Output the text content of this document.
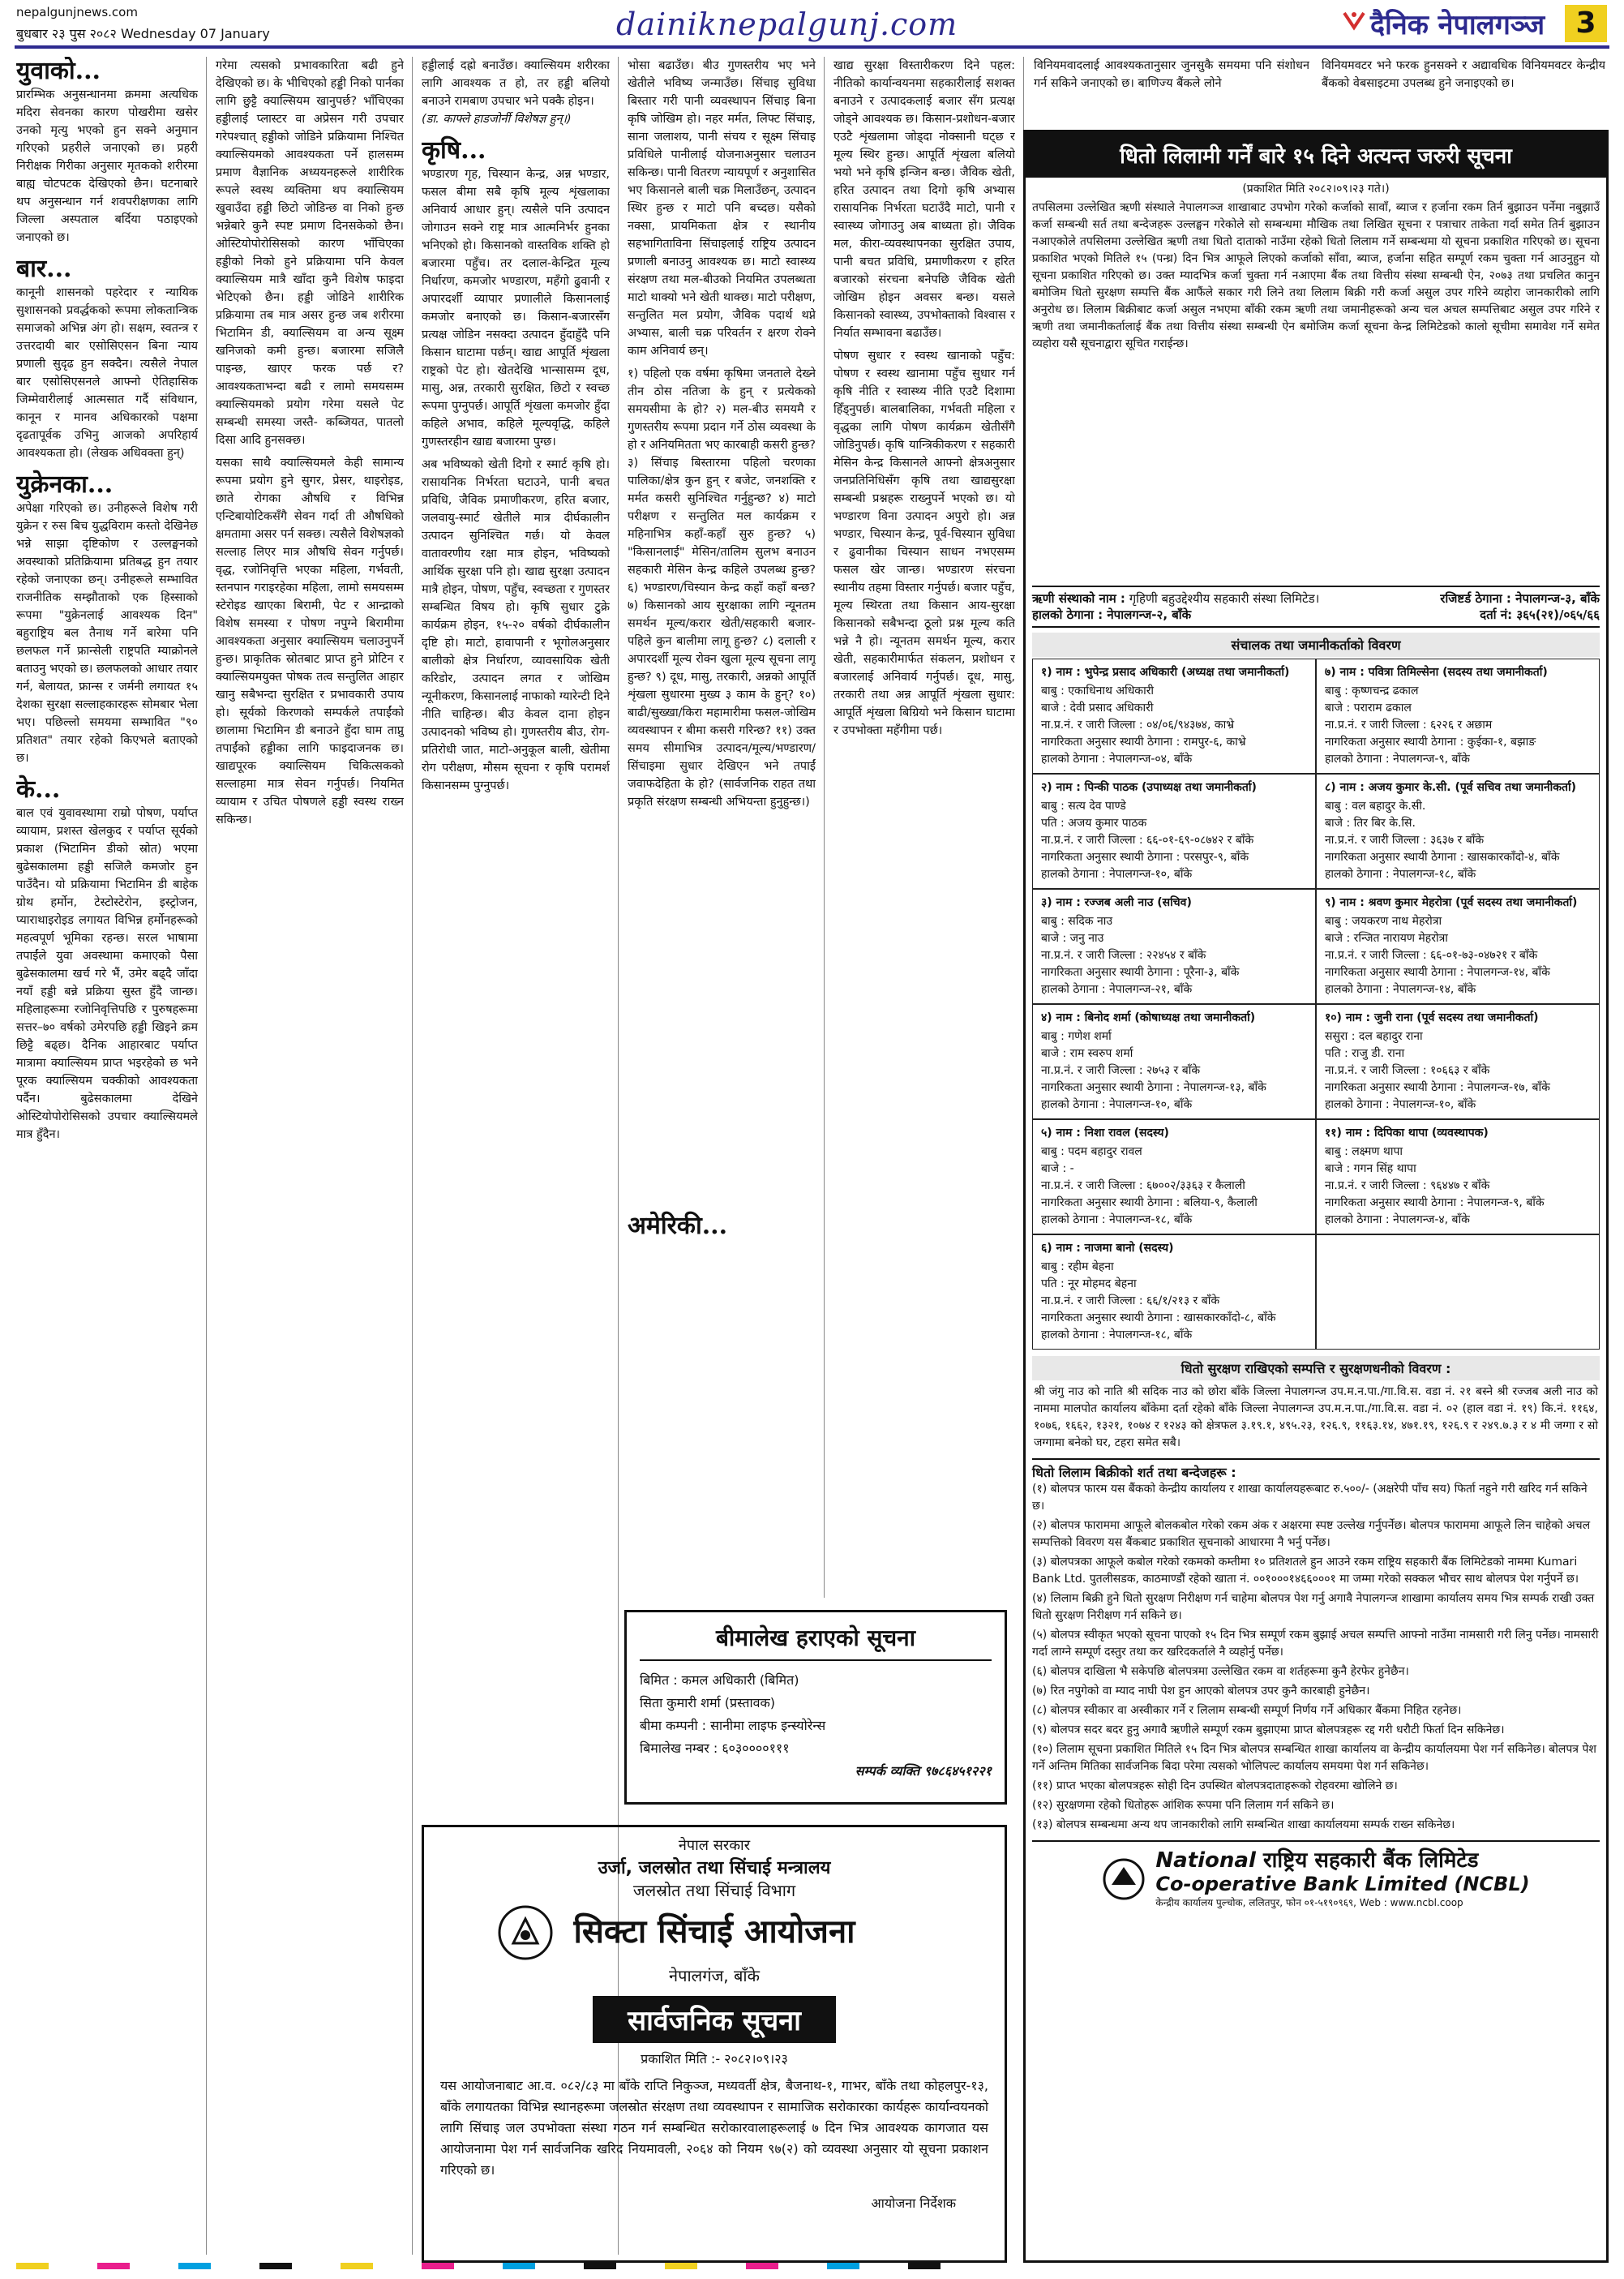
nepalgunjnews.com
बुधबार २३ पुस २०८२ Wednesday 07 January	dainiknepalgunj.com	दैनिक नेपालगञ्ज	3
युवाको...
प्रारम्भिक अनुसन्धानमा क्रममा अत्यधिक मदिरा सेवनका कारण पोखरीमा खसेर उनको मृत्यु भएको हुन सक्ने अनुमान गरिएको प्रहरीले जनाएको छ। प्रहरी निरीक्षक गिरीका अनुसार मृतकको शरीरमा बाह्य चोटपटक देखिएको छैन। घटनाबारे थप अनुसन्धान गर्न शवपरीक्षणका लागि जिल्ला अस्पताल बर्दिया पठाइएको जनाएको छ।
बार...
कानूनी शासनको पहरेदार र न्यायिक सुशासनको प्रवर्द्धकको रूपमा लोकतान्त्रिक समाजको अभिन्न अंग हो। सक्षम, स्वतन्त्र र उत्तरदायी बार एसोसिएसन बिना न्याय प्रणाली सुदृढ हुन सक्दैन। त्यसैले नेपाल बार एसोसिएसनले आफ्नो ऐतिहासिक जिम्मेवारीलाई आत्मसात गर्दै संविधान, कानून र मानव अधिकारको पक्षमा दृढतापूर्वक उभिनु आजको अपरिहार्य आवश्यकता हो। (लेखक अधिवक्ता हुन्)
युक्रेनका...
अपेक्षा गरिएको छ। उनीहरूले विशेष गरी युक्रेन र रुस बिच युद्धविराम कस्तो देखिनेछ भन्ने साझा दृष्टिकोण र उल्लङ्घनको अवस्थाको प्रतिक्रियामा प्रतिबद्ध हुन तयार रहेको जनाएका छन्। उनीहरूले सम्भावित राजनीतिक सम्झौताको एक हिस्साको रूपमा "युक्रेनलाई आवश्यक दिन" बहुराष्ट्रिय बल तैनाथ गर्ने बारेमा पनि छलफल गर्ने फ्रान्सेली राष्ट्रपति म्याक्रोनले बताउनु भएको छ। छलफलको आधार तयार गर्न, बेलायत, फ्रान्स र जर्मनी लगायत १५ देशका सुरक्षा सल्लाहकारहरू सोमबार भेला भए। पछिल्लो समयमा सम्भावित "९० प्रतिशत" तयार रहेको किएभले बताएको छ।
के...
बाल एवं युवावस्थामा राम्रो पोषण, पर्याप्त व्यायाम, प्रशस्त खेलकुद र पर्याप्त सूर्यको प्रकाश (भिटामिन डीको स्रोत) भएमा बुढेसकालमा हड्डी सजिलै कमजोर हुन पाउँदैन। यो प्रक्रियामा भिटामिन डी बाहेक ग्रोथ हर्मोन, टेस्टोस्टेरोन, इस्ट्रोजन, प्याराथाइरोइड लगायत विभिन्न हर्मोनहरूको महत्वपूर्ण भूमिका रहन्छ। सरल भाषामा तपाईंले युवा अवस्थामा कमाएको पैसा बुढेसकालमा खर्च गरे भैं, उमेर बढ्दै जाँदा नयाँ हड्डी बन्ने प्रक्रिया सुस्त हुँदै जान्छ। महिलाहरूमा रजोनिवृत्तिपछि र पुरुषहरूमा सत्तर–७० वर्षको उमेरपछि हड्डी खिइने क्रम छिट्टै बढ्छ। दैनिक आहारबाट पर्याप्त मात्रामा क्याल्सियम प्राप्त भइरहेको छ भने पूरक क्याल्सियम चक्कीको आवश्यकता पर्दैन। बुढेसकालमा देखिने ओस्टियोपोरोसिसको उपचार क्याल्सियमले मात्र हुँदैन।
गरेमा त्यसको प्रभावकारिता बढी हुने देखिएको छ। के भीचिएको हड्डी निको पार्नका लागि छुट्टै क्याल्सियम खानुपर्छ? भाँचिएका हड्डीलाई प्लास्टर वा अप्रेसन गरी उपचार गरेपश्चात् हड्डीको जोडिने प्रक्रियामा निश्चित क्याल्सियमको आवश्यकता पर्ने हालसम्म प्रमाण वैज्ञानिक अध्ययनहरूले शारीरिक रूपले स्वस्थ व्यक्तिमा थप क्याल्सियम खुवाउँदा हड्डी छिटो जोडिन्छ वा निको हुन्छ भन्नेबारे कुनै स्पष्ट प्रमाण दिनसकेको छैन। ओस्टियोपोरोसिसको कारण भाँचिएका हड्डीको निको हुने प्रक्रियामा पनि केवल क्याल्सियम मात्रै खाँदा कुनै विशेष फाइदा भेटिएको छैन। हड्डी जोडिने शारीरिक प्रक्रियामा तब मात्र असर हुन्छ जब शरीरमा भिटामिन डी, क्याल्सियम वा अन्य सूक्ष्म खनिजको कमी हुन्छ। बजारमा सजिलै पाइन्छ, खाएर फरक पर्छ र? आवश्यकताभन्दा बढी र लामो समयसम्म क्याल्सियमको प्रयोग गरेमा यसले पेट सम्बन्धी समस्या जस्तै- कब्जियत, पातलो दिसा आदि हुनसक्छ।
यसका साथै क्याल्सियमले केही सामान्य रूपमा प्रयोग हुने सुगर, प्रेसर, थाइरोइड, छाते रोगका औषधि र विभिन्न एन्टिबायोटिकसँगै सेवन गर्दा ती औषधिको क्षमतामा असर पर्न सक्छ। त्यसैले विशेषज्ञको सल्लाह लिएर मात्र औषधि सेवन गर्नुपर्छ। वृद्ध, रजोनिवृत्ति भएका महिला, गर्भवती, स्तनपान गराइरहेका महिला, लामो समयसम्म स्टेरोइड खाएका बिरामी, पेट र आन्द्राको विशेष समस्या र पोषण नपुग्ने बिरामीमा आवश्यकता अनुसार क्याल्सियम चलाउनुपर्ने हुन्छ। प्राकृतिक स्रोतबाट प्राप्त हुने प्रोटिन र क्याल्सियमयुक्त पोषक तत्व सन्तुलित आहार खानु सबैभन्दा सुरक्षित र प्रभावकारी उपाय हो। सूर्यको किरणको सम्पर्कले तपाईंको छालामा भिटामिन डी बनाउने हुँदा घाम ताप्नु तपाईंको हड्डीका लागि फाइदाजनक छ। खाद्यपूरक क्याल्सियम चिकित्सकको सल्लाहमा मात्र सेवन गर्नुपर्छ। नियमित व्यायाम र उचित पोषणले हड्डी स्वस्थ राख्न सकिन्छ।
हड्डीलाई दह्रो बनाउँछ। क्याल्सियम शरीरका लागि आवश्यक त हो, तर हड्डी बलियो बनाउने रामबाण उपचार भने पक्कै होइन।
(डा. काफ्ले हाडजोर्नी विशेषज्ञ हुन्।)
कृषि...
भण्डारण गृह, चिस्यान केन्द्र, अन्न भण्डार, फसल बीमा सबै कृषि मूल्य शृंखलाका अनिवार्य आधार हुन्। त्यसैले पनि उत्पादन जोगाउन सक्ने राष्ट्र मात्र आत्मनिर्भर हुनका भनिएको हो। किसानको वास्तविक शक्ति हो बजारमा पहुँच। तर दलाल-केन्द्रित मूल्य निर्धारण, कमजोर भण्डारण, महँगो ढुवानी र अपारदर्शी व्यापार प्रणालीले किसानलाई कमजोर बनाएको छ। किसान-बजारसँग प्रत्यक्ष जोडिन नसक्दा उत्पादन हुँदाहुँदै पनि किसान घाटामा पर्छन्। खाद्य आपूर्ति शृंखला राष्ट्रको पेट हो। खेतदेखि भान्सासम्म दूध, मासु, अन्न, तरकारी सुरक्षित, छिटो र स्वच्छ रूपमा पुग्नुपर्छ। आपूर्ति शृंखला कमजोर हुँदा कहिले अभाव, कहिले मूल्यवृद्धि, कहिले गुणस्तरहीन खाद्य बजारमा पुग्छ।
अब भविष्यको खेती दिगो र स्मार्ट कृषि हो। रासायनिक निर्भरता घटाउने, पानी बचत प्रविधि, जैविक प्रमाणीकरण, हरित बजार, जलवायु-स्मार्ट खेतीले मात्र दीर्घकालीन उत्पादन सुनिश्चित गर्छ। यो केवल वातावरणीय रक्षा मात्र होइन, भविष्यको आर्थिक सुरक्षा पनि हो। खाद्य सुरक्षा उत्पादन मात्रै होइन, पोषण, पहुँच, स्वच्छता र गुणस्तर सम्बन्धित विषय हो। कृषि सुधार टुक्रे कार्यक्रम होइन, १५-२० वर्षको दीर्घकालीन दृष्टि हो। माटो, हावापानी र भूगोलअनुसार बालीको क्षेत्र निर्धारण, व्यावसायिक खेती करिडोर, उत्पादन लगत र जोखिम न्यूनीकरण, किसानलाई नाफाको ग्यारेन्टी दिने नीति चाहिन्छ। बीउ केवल दाना होइन उत्पादनको भविष्य हो। गुणस्तरीय बीउ, रोग-प्रतिरोधी जात, माटो-अनुकूल बाली, खेतीमा रोग परीक्षण, मौसम सूचना र कृषि परामर्श किसानसम्म पुग्नुपर्छ।
भोसा बढाउँछ। बीउ गुणस्तरीय भए भने खेतीले भविष्य जन्माउँछ। सिंचाइ सुविधा बिस्तार गरी पानी व्यवस्थापन सिंचाइ बिना कृषि जोखिम हो। नहर मर्मत, लिफ्ट सिंचाइ, साना जलाशय, पानी संचय र सूक्ष्म सिंचाइ प्रविधिले पानीलाई योजनाअनुसार चलाउन सकिन्छ। पानी वितरण न्यायपूर्ण र अनुशासित भए किसानले बाली चक्र मिलाउँछन्, उत्पादन स्थिर हुन्छ र माटो पनि बच्दछ। यसैको नक्सा, प्रायमिकता क्षेत्र र स्थानीय सहभागिताविना सिंचाइलाई राष्ट्रिय उत्पादन प्रणाली बनाउनु आवश्यक छ। माटो स्वास्थ्य संरक्षण तथा मल-बीउको नियमित उपलब्धता माटो थाक्यो भने खेती थाक्छ। माटो परीक्षण, सन्तुलित मल प्रयोग, जैविक पदार्थ थप्ने अभ्यास, बाली चक्र परिवर्तन र क्षरण रोक्ने काम अनिवार्य छन्।
१) पहिलो एक वर्षमा कृषिमा जनताले देख्ने तीन ठोस नतिजा के हुन् र प्रत्येकको समयसीमा के हो? २) मल-बीउ समयमै र गुणस्तरीय रूपमा प्रदान गर्ने ठोस व्यवस्था के हो र अनियमितता भए कारबाही कसरी हुन्छ? ३) सिंचाइ बिस्तारमा पहिलो चरणका पालिका/क्षेत्र कुन हुन् र बजेट, जनशक्ति र मर्मत कसरी सुनिश्चित गर्नुहुन्छ? ४) माटो परीक्षण र सन्तुलित मल कार्यक्रम र महिनाभित्र कहाँ-कहाँ सुरु हुन्छ? ५) "किसानलाई" मेसिन/तालिम सुलभ बनाउन सहकारी मेसिन केन्द्र कहिले उपलब्ध हुन्छ? ६) भण्डारण/चिस्यान केन्द्र कहाँ कहाँ बन्छ? ७) किसानको आय सुरक्षाका लागि न्यूनतम समर्थन मूल्य/करार खेती/सहकारी बजार-पहिले कुन बालीमा लागू हुन्छ? ८) दलाली र अपारदर्शी मूल्य रोक्न खुला मूल्य सूचना लागू हुन्छ? ९) दूध, मासु, तरकारी, अन्नको आपूर्ति शृंखला सुधारमा मुख्य ३ काम के हुन्? १०) बाढी/सुख्खा/किरा महामारीमा फसल-जोखिम व्यवस्थापन र बीमा कसरी गरिन्छ? ११) उक्त समय सीमाभित्र उत्पादन/मूल्य/भण्डारण/सिंचाइमा सुधार देखिएन भने तपाईं जवाफदेहिता के हो? (सार्वजनिक राहत तथा प्रकृति संरक्षण सम्बन्धी अभियन्ता हुनुहुन्छ।)
अमेरिकी...
खाद्य सुरक्षा विस्तारीकरण दिने पहल: नीतिको कार्यान्वयनमा सहकारीलाई सशक्त बनाउने र उत्पादकलाई बजार सँग प्रत्यक्ष जोड्ने आवश्यक छ। किसान-प्रशोधन-बजार एउटै शृंखलामा जोड्दा नोक्सानी घट्छ र मूल्य स्थिर हुन्छ। आपूर्ति शृंखला बलियो भयो भने कृषि इन्जिन बन्छ। जैविक खेती, हरित उत्पादन तथा दिगो कृषि अभ्यास रासायनिक निर्भरता घटाउँदै माटो, पानी र स्वास्थ्य जोगाउनु अब बाध्यता हो। जैविक मल, कीरा-व्यवस्थापनका सुरक्षित उपाय, पानी बचत प्रविधि, प्रमाणीकरण र हरित बजारको संरचना बनेपछि जैविक खेती जोखिम होइन अवसर बन्छ। यसले किसानको स्वास्थ्य, उपभोक्ताको विश्वास र निर्यात सम्भावना बढाउँछ।
पोषण सुधार र स्वस्थ खानाको पहुँच: पोषण र स्वस्थ खानामा पहुँच सुधार गर्न कृषि नीति र स्वास्थ्य नीति एउटै दिशामा हिँड्नुपर्छ। बालबालिका, गर्भवती महिला र वृद्धका लागि पोषण कार्यक्रम खेतीसँगै जोडिनुपर्छ। कृषि यान्त्रिकीकरण र सहकारी मेसिन केन्द्र किसानले आफ्नो क्षेत्रअनुसार जनप्रतिनिधिसँग कृषि तथा खाद्यसुरक्षा सम्बन्धी प्रश्नहरू राख्नुपर्ने भएको छ। यो भण्डारण विना उत्पादन अपुरो हो। अन्न भण्डार, चिस्यान केन्द्र, पूर्व-चिस्यान सुविधा र ढुवानीका चिस्यान साधन नभएसम्म फसल खेर जान्छ। भण्डारण संरचना स्थानीय तहमा विस्तार गर्नुपर्छ। बजार पहुँच, मूल्य स्थिरता तथा किसान आय-सुरक्षा किसानको सबैभन्दा ठूलो प्रश्न मूल्य कति भन्ने नै हो। न्यूनतम समर्थन मूल्य, करार खेती, सहकारीमार्फत संकलन, प्रशोधन र बजारलाई अनिवार्य गर्नुपर्छ। दूध, मासु, तरकारी तथा अन्न आपूर्ति शृंखला सुधार: आपूर्ति शृंखला बिग्रियो भने किसान घाटामा र उपभोक्ता महँगीमा पर्छ।
बीमालेख हराएको सूचना
बिमित : कमल अधिकारी (बिमित)
सिता कुमारी शर्मा (प्रस्तावक)
बीमा कम्पनी : सानीमा लाइफ इन्स्योरेन्स
बिमालेख नम्बर : ६०३००००१११
सम्पर्क व्यक्ति ९७८६४५१२२१
नेपाल सरकार
उर्जा, जलस्रोत तथा सिंचाई मन्त्रालय
जलस्रोत तथा सिंचाई विभाग
सिक्टा सिंचाई आयोजना
नेपालगंज, बाँके
सार्वजनिक सूचना
प्रकाशित मिति :- २०८२।०९।२३
यस आयोजनाबाट आ.व. ०८२/८३ मा बाँके राप्ति निकुञ्ज, मध्यवर्ती क्षेत्र, बैजनाथ-१, गाभर, बाँके तथा कोहलपुर-१३, बाँके लगायतका विभिन्न स्थानहरूमा जलस्रोत संरक्षण तथा व्यवस्थापन र सामाजिक सरोकारका कार्यहरू कार्यान्वयनको लागि सिंचाइ जल उपभोक्ता संस्था गठन गर्न सम्बन्धित सरोकारवालाहरूलाई ७ दिन भित्र आवश्यक कागजात यस आयोजनामा पेश गर्न सार्वजनिक खरिद नियमावली, २०६४ को नियम ९७(२) को व्यवस्था अनुसार यो सूचना प्रकाशन गरिएको छ।
आयोजना निर्देशक
विनियमवादलाई आवश्यकतानुसार जुनसुकै समयमा पनि संशोधन गर्न सकिने जनाएको छ। बाणिज्य बैंकले लोने
विनियमवटर भने फरक हुनसक्ने र अद्यावधिक विनियमवटर केन्द्रीय बैंकको वेबसाइटमा उपलब्ध हुने जनाइएको छ।
धितो लिलामी गर्नें बारे १५ दिने अत्यन्त जरुरी सूचना
(प्रकाशित मिति २०८२।०९।२३ गते।)
तपसिलमा उल्लेखित ऋणी संस्थाले नेपालगञ्ज शाखाबाट उपभोग गरेको कर्जाको सावाँ, ब्याज र हर्जाना रकम तिर्न बुझाउन पर्नेमा नबुझाउँ कर्जा सम्बन्धी सर्त तथा बन्देजहरू उल्लङ्घन गरेकोले सो सम्बन्धमा मौखिक तथा लिखित सूचना र पत्राचार ताकेता गर्दा समेत तिर्न बुझाउन नआएकोले तपसिलमा उल्लेखित ऋणी तथा धितो दाताको नाउँमा रहेको धितो लिलाम गर्ने सम्बन्धमा यो सूचना प्रकाशित गरिएको छ। सूचना प्रकाशित भएको मितिले १५ (पन्ध्र) दिन भित्र आफूले लिएको कर्जाको साँवा, ब्याज, हर्जाना सहित सम्पूर्ण रकम चुक्ता गर्न आउनुहुन यो सूचना प्रकाशित गरिएको छ। उक्त म्यादभित्र कर्जा चुक्ता गर्न नआएमा बैंक तथा वित्तीय संस्था सम्बन्धी ऐन, २०७३ तथा प्रचलित कानुन बमोजिम धितो सुरक्षण सम्पत्ति बैंक आफैंले सकार गरी लिने तथा लिलाम बिक्री गरी कर्जा असुल उपर गरिने व्यहोरा जानकारीको लागि अनुरोध छ। लिलाम बिक्रीबाट कर्जा असुल नभएमा बाँकी रकम ऋणी तथा जमानीहरूको अन्य चल अचल सम्पत्तिबाट असुल उपर गरिने र ऋणी तथा जमानीकर्तालाई बैंक तथा वित्तीय संस्था सम्बन्धी ऐन बमोजिम कर्जा सूचना केन्द्र लिमिटेडको कालो सूचीमा समावेश गर्ने समेत व्यहोरा यसै सूचनाद्वारा सूचित गराईन्छ।
ऋणी संस्थाको नाम : गृहिणी बहुउद्देश्यीय सहकारी संस्था लिमिटेड।	रजिष्टर्ड ठेगाना : नेपालगन्ज-३, बाँके
हालको ठेगाना : नेपालगन्ज-२, बाँके	दर्ता नं: ३६५(२१)/०६५/६६
संचालक तथा जमानीकर्ताको विवरण
१) नाम : भुपेन्द्र प्रसाद अधिकारी (अध्यक्ष तथा जमानीकर्ता)
बाबु : एकाधिनाथ अधिकारी
बाजे : देवी प्रसाद अधिकारी
ना.प्र.नं. र जारी जिल्ला : ०४/०६/९४३७४, काभ्रे
नागरिकता अनुसार स्थायी ठेगाना : रामपुर-६, काभ्रे
हालको ठेगाना : नेपालगन्ज-०४, बाँके
७) नाम : पवित्रा तिमिल्सेना (सदस्य तथा जमानीकर्ता)
बाबु : कृष्णचन्द्र ढकाल
बाजे : पराराम ढकाल
ना.प्र.नं. र जारी जिल्ला : ६२२६ र अछाम
नागरिकता अनुसार स्थायी ठेगाना : कुईका-१, बझाङ
हालको ठेगाना : नेपालगन्ज-९, बाँके
२) नाम : पिन्की पाठक (उपाध्यक्ष तथा जमानीकर्ता)
बाबु : सत्य देव पाण्डे
पति : अजय कुमार पाठक
ना.प्र.नं. र जारी जिल्ला : ६६-०१-६९-०८७४२ र बाँके
नागरिकता अनुसार स्थायी ठेगाना : परसपुर-९, बाँके
हालको ठेगाना : नेपालगन्ज-१०, बाँके
८) नाम : अजय कुमार के.सी. (पूर्व सचिव तथा जमानीकर्ता)
बाबु : वल बहादुर के.सी.
बाजे : तिर बिर के.सि.
ना.प्र.नं. र जारी जिल्ला : ३६३७ र बाँके
नागरिकता अनुसार स्थायी ठेगाना : खासकारकाँदो-४, बाँके
हालको ठेगाना : नेपालगन्ज-१८, बाँके
३) नाम : रज्जब अली नाउ (सचिव)
बाबु : सदिक नाउ
बाजे : जनु नाउ
ना.प्र.नं. र जारी जिल्ला : २२४५४ र बाँके
नागरिकता अनुसार स्थायी ठेगाना : पूरैना-३, बाँके
हालको ठेगाना : नेपालगन्ज-२१, बाँके
९) नाम : श्रवण कुमार मेहरोत्रा (पूर्व सदस्य तथा जमानीकर्ता)
बाबु : जयकरण नाथ मेहरोत्रा
बाजे : रन्जित नारायण मेहरोत्रा
ना.प्र.नं. र जारी जिल्ला : ६६-०१-७३-०४७२१ र बाँके
नागरिकता अनुसार स्थायी ठेगाना : नेपालगन्ज-१४, बाँके
हालको ठेगाना : नेपालगन्ज-१४, बाँके
४) नाम : बिनोद शर्मा (कोषाध्यक्ष तथा जमानीकर्ता)
बाबु : गणेश शर्मा
बाजे : राम स्वरुप शर्मा
ना.प्र.नं. र जारी जिल्ला : २७५३ र बाँके
नागरिकता अनुसार स्थायी ठेगाना : नेपालगन्ज-१३, बाँके
हालको ठेगाना : नेपालगन्ज-१०, बाँके
१०) नाम : जुनी राना (पूर्व सदस्य तथा जमानीकर्ता)
ससुरा : दल बहादुर राना
पति : राजु डी. राना
ना.प्र.नं. र जारी जिल्ला : १०६६३ र बाँके
नागरिकता अनुसार स्थायी ठेगाना : नेपालगन्ज-१७, बाँके
हालको ठेगाना : नेपालगन्ज-१०, बाँके
५) नाम : निशा रावल (सदस्य)
बाबु : पदम बहादुर रावल
बाजे : -
ना.प्र.नं. र जारी जिल्ला : ६७००२/३३६३ र कैलाली
नागरिकता अनुसार स्थायी ठेगाना : बलिया-९, कैलाली
हालको ठेगाना : नेपालगन्ज-१८, बाँके
११) नाम : दिपिका थापा (व्यवस्थापक)
बाबु : लक्ष्मण थापा
बाजे : गगन सिंह थापा
ना.प्र.नं. र जारी जिल्ला : ९६४४७ र बाँके
नागरिकता अनुसार स्थायी ठेगाना : नेपालगन्ज-९, बाँके
हालको ठेगाना : नेपालगन्ज-४, बाँके
६) नाम : नाजमा बानो (सदस्य)
बाबु : रहीम बेहना
पति : नूर मोहमद बेहना
ना.प्र.नं. र जारी जिल्ला : ६६/१/२१३ र बाँके
नागरिकता अनुसार स्थायी ठेगाना : खासकारकाँदो-८, बाँके
हालको ठेगाना : नेपालगन्ज-१८, बाँके
धितो सुरक्षण राखिएको सम्पत्ति र सुरक्षणधनीको विवरण :
श्री जंगु नाउ को नाति श्री सदिक नाउ को छोरा बाँके जिल्ला नेपालगन्ज उप.म.न.पा./गा.वि.स. वडा नं. २१ बस्ने श्री रज्जब अली नाउ को नाममा मालपोत कार्यालय बाँकेमा दर्ता रहेको बाँके जिल्ला नेपालगन्ज उप.म.न.पा./गा.वि.स. वडा नं. ०२ (हाल वडा नं. १९) कि.नं. ११६४, १०७६, १६६२, १३२१, १०७४ र १२४३ को क्षेत्रफल ३.१९.१, ४९५.२३, १२६.९, ११६३.१४, ४७१.१९, १२६.९ र २४९.७.३ र ४ मी जग्गा र सो जग्गामा बनेको घर, टहरा समेत सबै।
धितो लिलाम बिक्रीको शर्त तथा बन्देजहरू :
(१) बोलपत्र फारम यस बैंकको केन्द्रीय कार्यालय र शाखा कार्यालयहरूबाट रु.५००/- (अक्षरेपी पाँच सय) फिर्ता नहुने गरी खरिद गर्न सकिने छ।
(२) बोलपत्र फाराममा आफूले बोलकबोल गरेको रकम अंक र अक्षरमा स्पष्ट उल्लेख गर्नुपर्नेछ। बोलपत्र फाराममा आफूले लिन चाहेको अचल सम्पत्तिको विवरण यस बैंकबाट प्रकाशित सूचनाको आधारमा नै भर्नु पर्नेछ।
(३) बोलपत्रका आफूले कबोल गरेको रकमको कम्तीमा १० प्रतिशतले हुन आउने रकम राष्ट्रिय सहकारी बैंक लिमिटेडको नाममा Kumari Bank Ltd. पुतलीसडक, काठमाण्डौं रहेको खाता नं. ००१०००१४६६०००१ मा जम्मा गरेको सक्कल भौचर साथ बोलपत्र पेश गर्नुपर्ने छ।
(४) लिलाम बिक्री हुने धितो सुरक्षण निरीक्षण गर्न चाहेमा बोलपत्र पेश गर्नु अगावै नेपालगन्ज शाखामा कार्यालय समय भित्र सम्पर्क राखी उक्त धितो सुरक्षण निरीक्षण गर्न सकिने छ।
(५) बोलपत्र स्वीकृत भएको सूचना पाएको १५ दिन भित्र सम्पूर्ण रकम बुझाई अचल सम्पत्ति आफ्नो नाउँमा नामसारी गरी लिनु पर्नेछ। नामसारी गर्दा लाग्ने सम्पूर्ण दस्तुर तथा कर खरिदकर्ताले नै व्यहोर्नु पर्नेछ।
(६) बोलपत्र दाखिला भै सकेपछि बोलपत्रमा उल्लेखित रकम वा शर्तहरूमा कुनै हेरफेर हुनेछैन।
(७) रित नपुगेको वा म्याद नाघी पेश हुन आएको बोलपत्र उपर कुनै कारबाही हुनेछैन।
(८) बोलपत्र स्वीकार वा अस्वीकार गर्ने र लिलाम सम्बन्धी सम्पूर्ण निर्णय गर्ने अधिकार बैंकमा निहित रहनेछ।
(९) बोलपत्र सदर बदर हुनु अगावै ऋणीले सम्पूर्ण रकम बुझाएमा प्राप्त बोलपत्रहरू रद्द गरी धरौटी फिर्ता दिन सकिनेछ।
(१०) लिलाम सूचना प्रकाशित मितिले १५ दिन भित्र बोलपत्र सम्बन्धित शाखा कार्यालय वा केन्द्रीय कार्यालयमा पेश गर्न सकिनेछ। बोलपत्र पेश गर्ने अन्तिम मितिका सार्वजनिक बिदा परेमा त्यसको भोलिपल्ट कार्यालय समयमा पेश गर्न सकिनेछ।
(११) प्राप्त भएका बोलपत्रहरू सोही दिन उपस्थित बोलपत्रदाताहरूको रोहवरमा खोलिने छ।
(१२) सुरक्षणमा रहेको धितोहरू आंशिक रूपमा पनि लिलाम गर्न सकिने छ।
(१३) बोलपत्र सम्बन्धमा अन्य थप जानकारीको लागि सम्बन्धित शाखा कार्यालयमा सम्पर्क राख्न सकिनेछ।
National राष्ट्रिय सहकारी बैंक लिमिटेड
Co-operative Bank Limited (NCBL)
केन्द्रीय कार्यालय पुल्चोक, ललितपुर, फोन ०१-५१९०९६९, Web : www.ncbl.coop
